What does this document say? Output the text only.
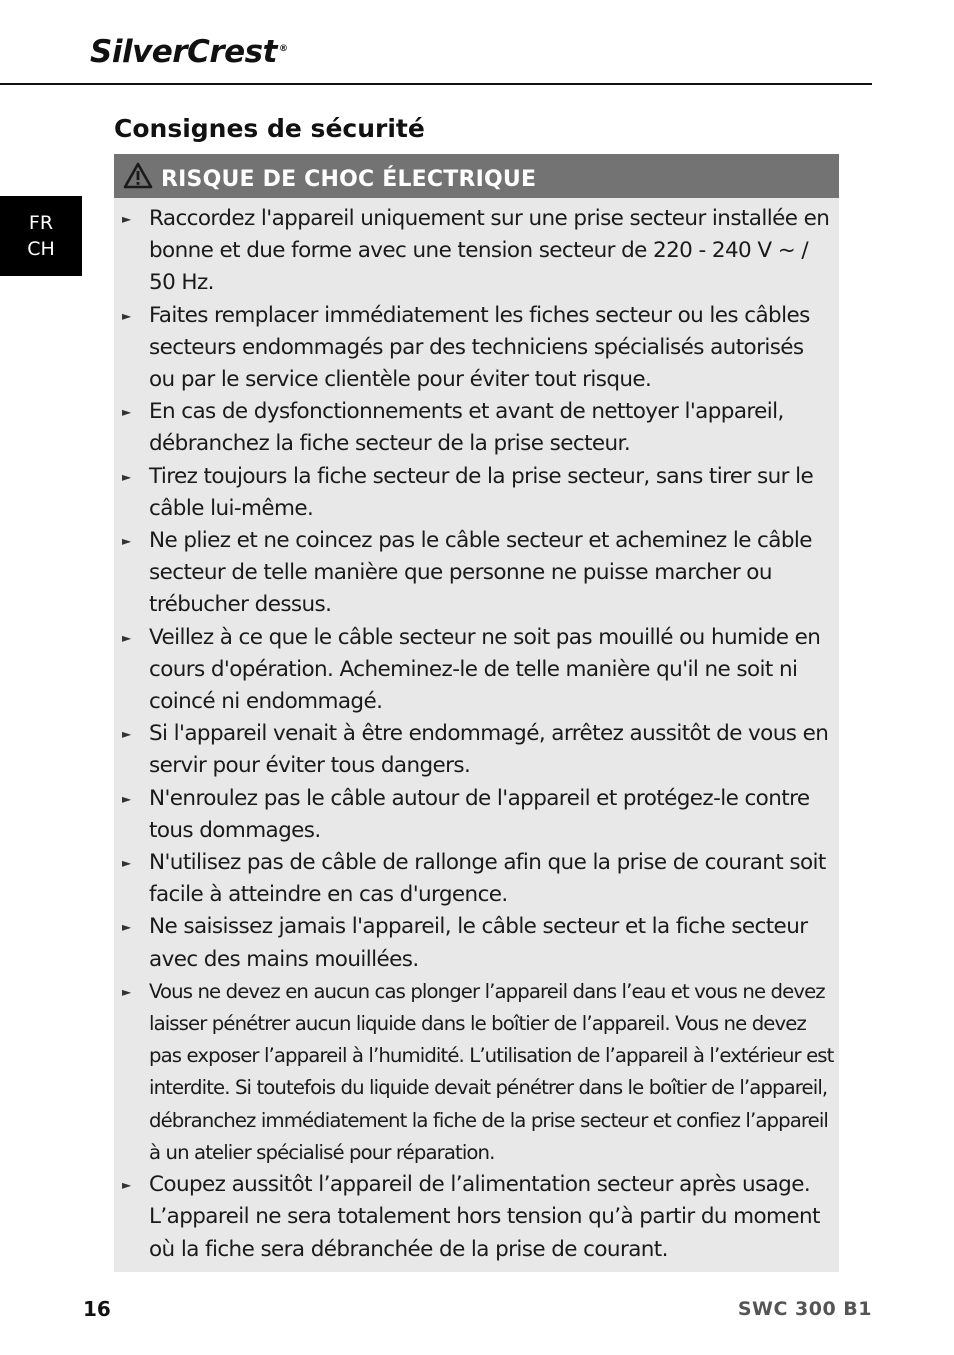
SilverCrest ®
FR
CH
Consignes de sécurité
RISQUE DE CHOC ÉLECTRIQUE
► Raccordez l'appareil uniquement sur une prise secteur installée en bonne et due forme avec une tension secteur de 220 - 240 V ~ / 50 Hz.
► Faites remplacer immédiatement les fiches secteur ou les câbles secteurs endommagés par des techniciens spécialisés autorisés ou par le service clientèle pour éviter tout risque.
► En cas de dysfonctionnements et avant de nettoyer l'appareil, débranchez la fiche secteur de la prise secteur.
► Tirez toujours la fiche secteur de la prise secteur, sans tirer sur le câble lui-même.
► Ne pliez et ne coincez pas le câble secteur et acheminez le câble secteur de telle manière que personne ne puisse marcher ou trébucher dessus.
► Veillez à ce que le câble secteur ne soit pas mouillé ou humide en cours d'opération. Acheminez-le de telle manière qu'il ne soit ni coincé ni endommagé.
► Si l'appareil venait à être endommagé, arrêtez aussitôt de vous en servir pour éviter tous dangers.
► N'enroulez pas le câble autour de l'appareil et protégez-le contre tous dommages.
► N'utilisez pas de câble de rallonge afin que la prise de courant soit facile à atteindre en cas d'urgence.
► Ne saisissez jamais l'appareil, le câble secteur et la fiche secteur avec des mains mouillées.
► Vous ne devez en aucun cas plonger l’appareil dans l’eau et vous ne devez laisser pénétrer aucun liquide dans le boîtier de l’appareil. Vous ne devez pas exposer l’appareil à l’humidité. L’utilisation de l’appareil à l’extérieur est interdite. Si toutefois du liquide devait pénétrer dans le boîtier de l’appareil, débranchez immédiatement la fiche de la prise secteur et confiez l’appareil à un atelier spécialisé pour réparation.
► Coupez aussitôt l’appareil de l’alimentation secteur après usage. L’appareil ne sera totalement hors tension qu’à partir du moment où la fiche sera débranchée de la prise de courant.
16	SWC 300 B1
